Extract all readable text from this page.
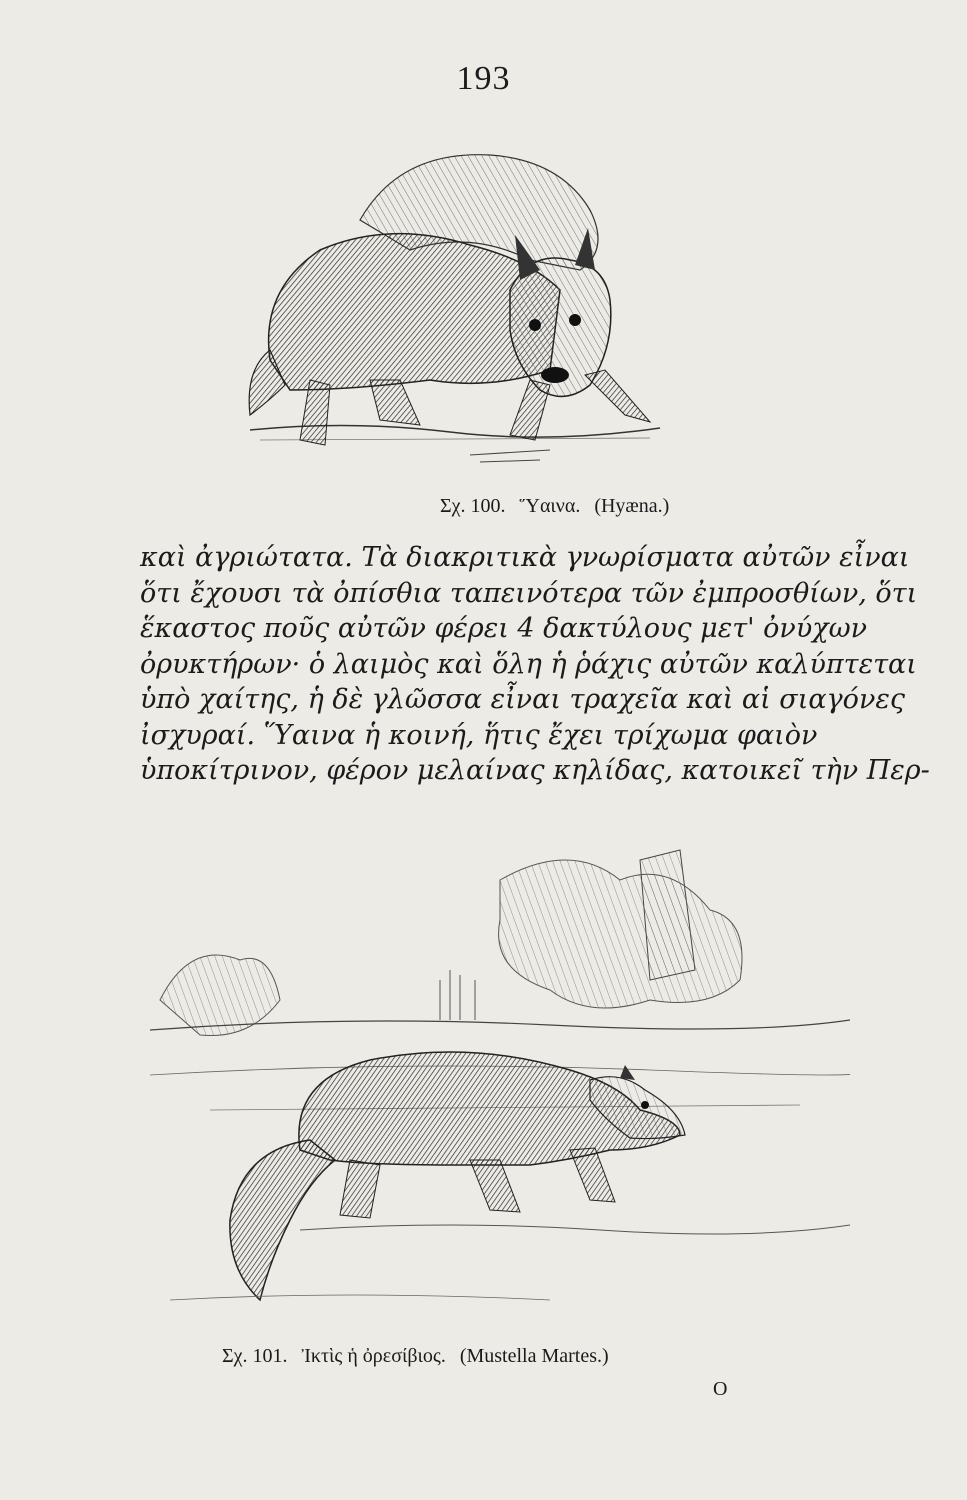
193
Σχ. 100. Ὕαινα. (Hyæna.)
καὶ ἀγριώτατα. Τὰ διακριτικὰ γνωρίσματα αὐτῶν εἶναι
ὅτι ἔχουσι τὰ ὀπίσθια ταπεινότερα τῶν ἐμπροσθίων, ὅτι
ἕκαστος ποῦς αὐτῶν φέρει 4 δακτύλους μετ' ὀνύχων
ὀρυκτήρων· ὁ λαιμὸς καὶ ὅλη ἡ ῥάχις αὐτῶν καλύπτεται
ὑπὸ χαίτης, ἡ δὲ γλῶσσα εἶναι τραχεῖα καὶ αἱ σιαγόνες
ἰσχυραί. Ὕαινα ἡ κοινή, ἥτις ἔχει τρίχωμα φαιὸν
ὑποκίτρινον, φέρον μελαίνας κηλίδας, κατοικεῖ τὴν Περ-
Σχ. 101. Ἰκτὶς ἡ ὀρεσίβιος. (Mustella Martes.)
O
